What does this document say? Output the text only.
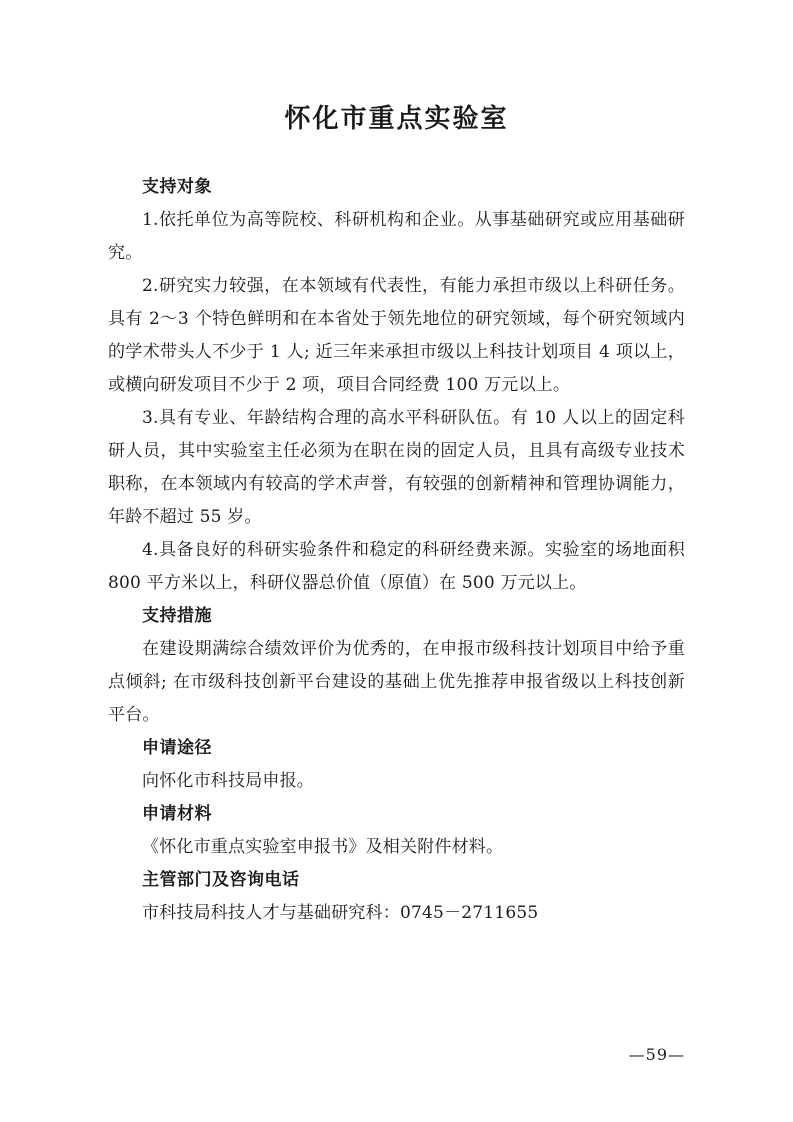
怀化市重点实验室

支持对象

1.依托单位为高等院校、科研机构和企业。从事基础研究或应用基础研究。

2.研究实力较强，在本领域有代表性，有能力承担市级以上科研任务。具有 2～3 个特色鲜明和在本省处于领先地位的研究领域，每个研究领域内的学术带头人不少于 1 人; 近三年来承担市级以上科技计划项目 4 项以上，或横向研发项目不少于 2 项，项目合同经费 100 万元以上。

3.具有专业、年龄结构合理的高水平科研队伍。有 10 人以上的固定科研人员，其中实验室主任必须为在职在岗的固定人员，且具有高级专业技术职称，在本领域内有较高的学术声誉，有较强的创新精神和管理协调能力，年龄不超过 55 岁。

4.具备良好的科研实验条件和稳定的科研经费来源。实验室的场地面积 800 平方米以上，科研仪器总价值（原值）在 500 万元以上。

支持措施

在建设期满综合绩效评价为优秀的，在申报市级科技计划项目中给予重点倾斜; 在市级科技创新平台建设的基础上优先推荐申报省级以上科技创新平台。

申请途径

向怀化市科技局申报。

申请材料

《怀化市重点实验室申报书》及相关附件材料。

主管部门及咨询电话

市科技局科技人才与基础研究科：0745－2711655

—59—
